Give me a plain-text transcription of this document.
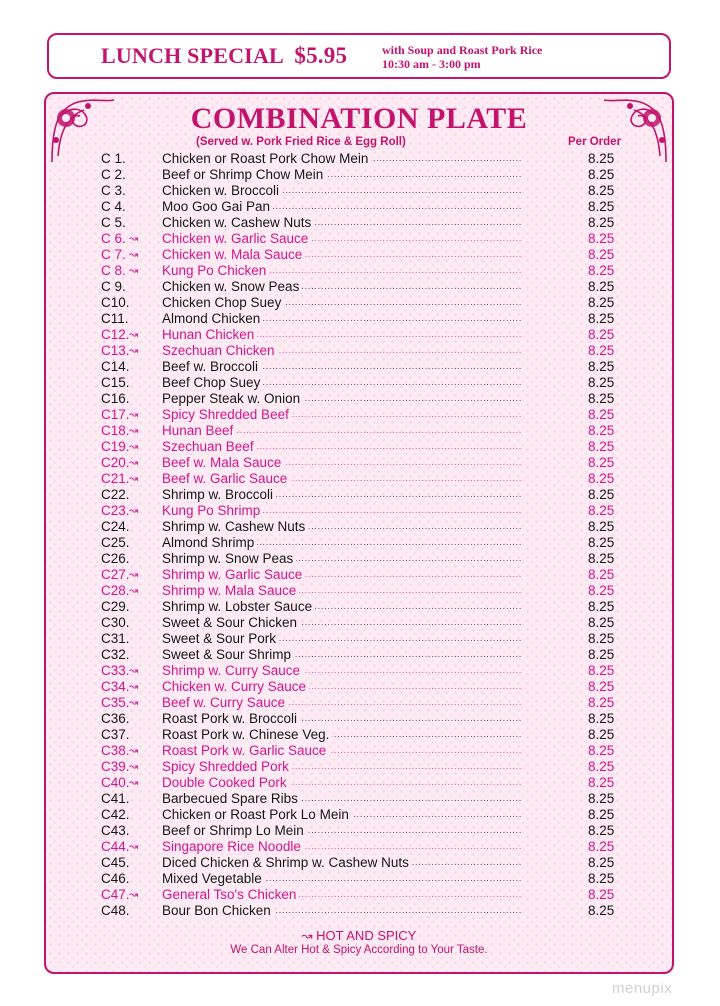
LUNCH SPECIAL $5.95	with Soup and Roast Pork Rice
10:30 am - 3:00 pm
COMBINATION PLATE
(Served w. Pork Fried Rice & Egg Roll)	Per Order
C 1.	Chicken or Roast Pork Chow Mein . . .	8.25
C 2.	Beef or Shrimp Chow Mein . . .	8.25
C 3.	Chicken w. Broccoli . . .	8.25
C 4.	Moo Goo Gai Pan . . .	8.25
C 5.	Chicken w. Cashew Nuts . . .	8.25
C 6. ↝ Chicken w. Garlic Sauce . . .	8.25
C 7. ↝ Chicken w. Mala Sauce . . .	8.25
C 8. ↝ Kung Po Chicken . . .	8.25
C 9.	Chicken w. Snow Peas . . .	8.25
C10.	Chicken Chop Suey . . .	8.25
C11.	Almond Chicken . . .	8.25
C12. ↝ Hunan Chicken . . .	8.25
C13. ↝ Szechuan Chicken . . .	8.25
C14.	Beef w. Broccoli . . .	8.25
C15.	Beef Chop Suey . . .	8.25
C16.	Pepper Steak w. Onion . . .	8.25
C17. ↝ Spicy Shredded Beef . . .	8.25
C18. ↝ Hunan Beef . . .	8.25
C19. ↝ Szechuan Beef . . .	8.25
C20. ↝ Beef w. Mala Sauce . . .	8.25
C21. ↝ Beef w. Garlic Sauce . . .	8.25
C22.	Shrimp w. Broccoli . . .	8.25
C23. ↝ Kung Po Shrimp . . .	8.25
C24.	Shrimp w. Cashew Nuts . . .	8.25
C25.	Almond Shrimp . . .	8.25
C26.	Shrimp w. Snow Peas . . .	8.25
C27. ↝ Shrimp w. Garlic Sauce . . .	8.25
C28. ↝ Shrimp w. Mala Sauce . . .	8.25
C29.	Shrimp w. Lobster Sauce . . .	8.25
C30.	Sweet & Sour Chicken . . .	8.25
C31.	Sweet & Sour Pork . . .	8.25
C32.	Sweet & Sour Shrimp . . .	8.25
C33. ↝ Shrimp w. Curry Sauce . . .	8.25
C34. ↝ Chicken w. Curry Sauce . . .	8.25
C35. ↝ Beef w. Curry Sauce . . .	8.25
C36.	Roast Pork w. Broccoli . . .	8.25
C37.	Roast Pork w. Chinese Veg. . . .	8.25
C38. ↝ Roast Pork w. Garlic Sauce . . .	8.25
C39. ↝ Spicy Shredded Pork . . .	8.25
C40. ↝ Double Cooked Pork . . .	8.25
C41.	Barbecued Spare Ribs . . .	8.25
C42.	Chicken or Roast Pork Lo Mein . . .	8.25
C43.	Beef or Shrimp Lo Mein . . .	8.25
C44. ↝ Singapore Rice Noodle . . .	8.25
C45.	Diced Chicken & Shrimp w. Cashew Nuts . . .	8.25
C46.	Mixed Vegetable . . .	8.25
C47. ↝ General Tso's Chicken . . .	8.25
C48.	Bour Bon Chicken . . .	8.25
↝ HOT AND SPICY
We Can Alter Hot & Spicy According to Your Taste.
menupix
